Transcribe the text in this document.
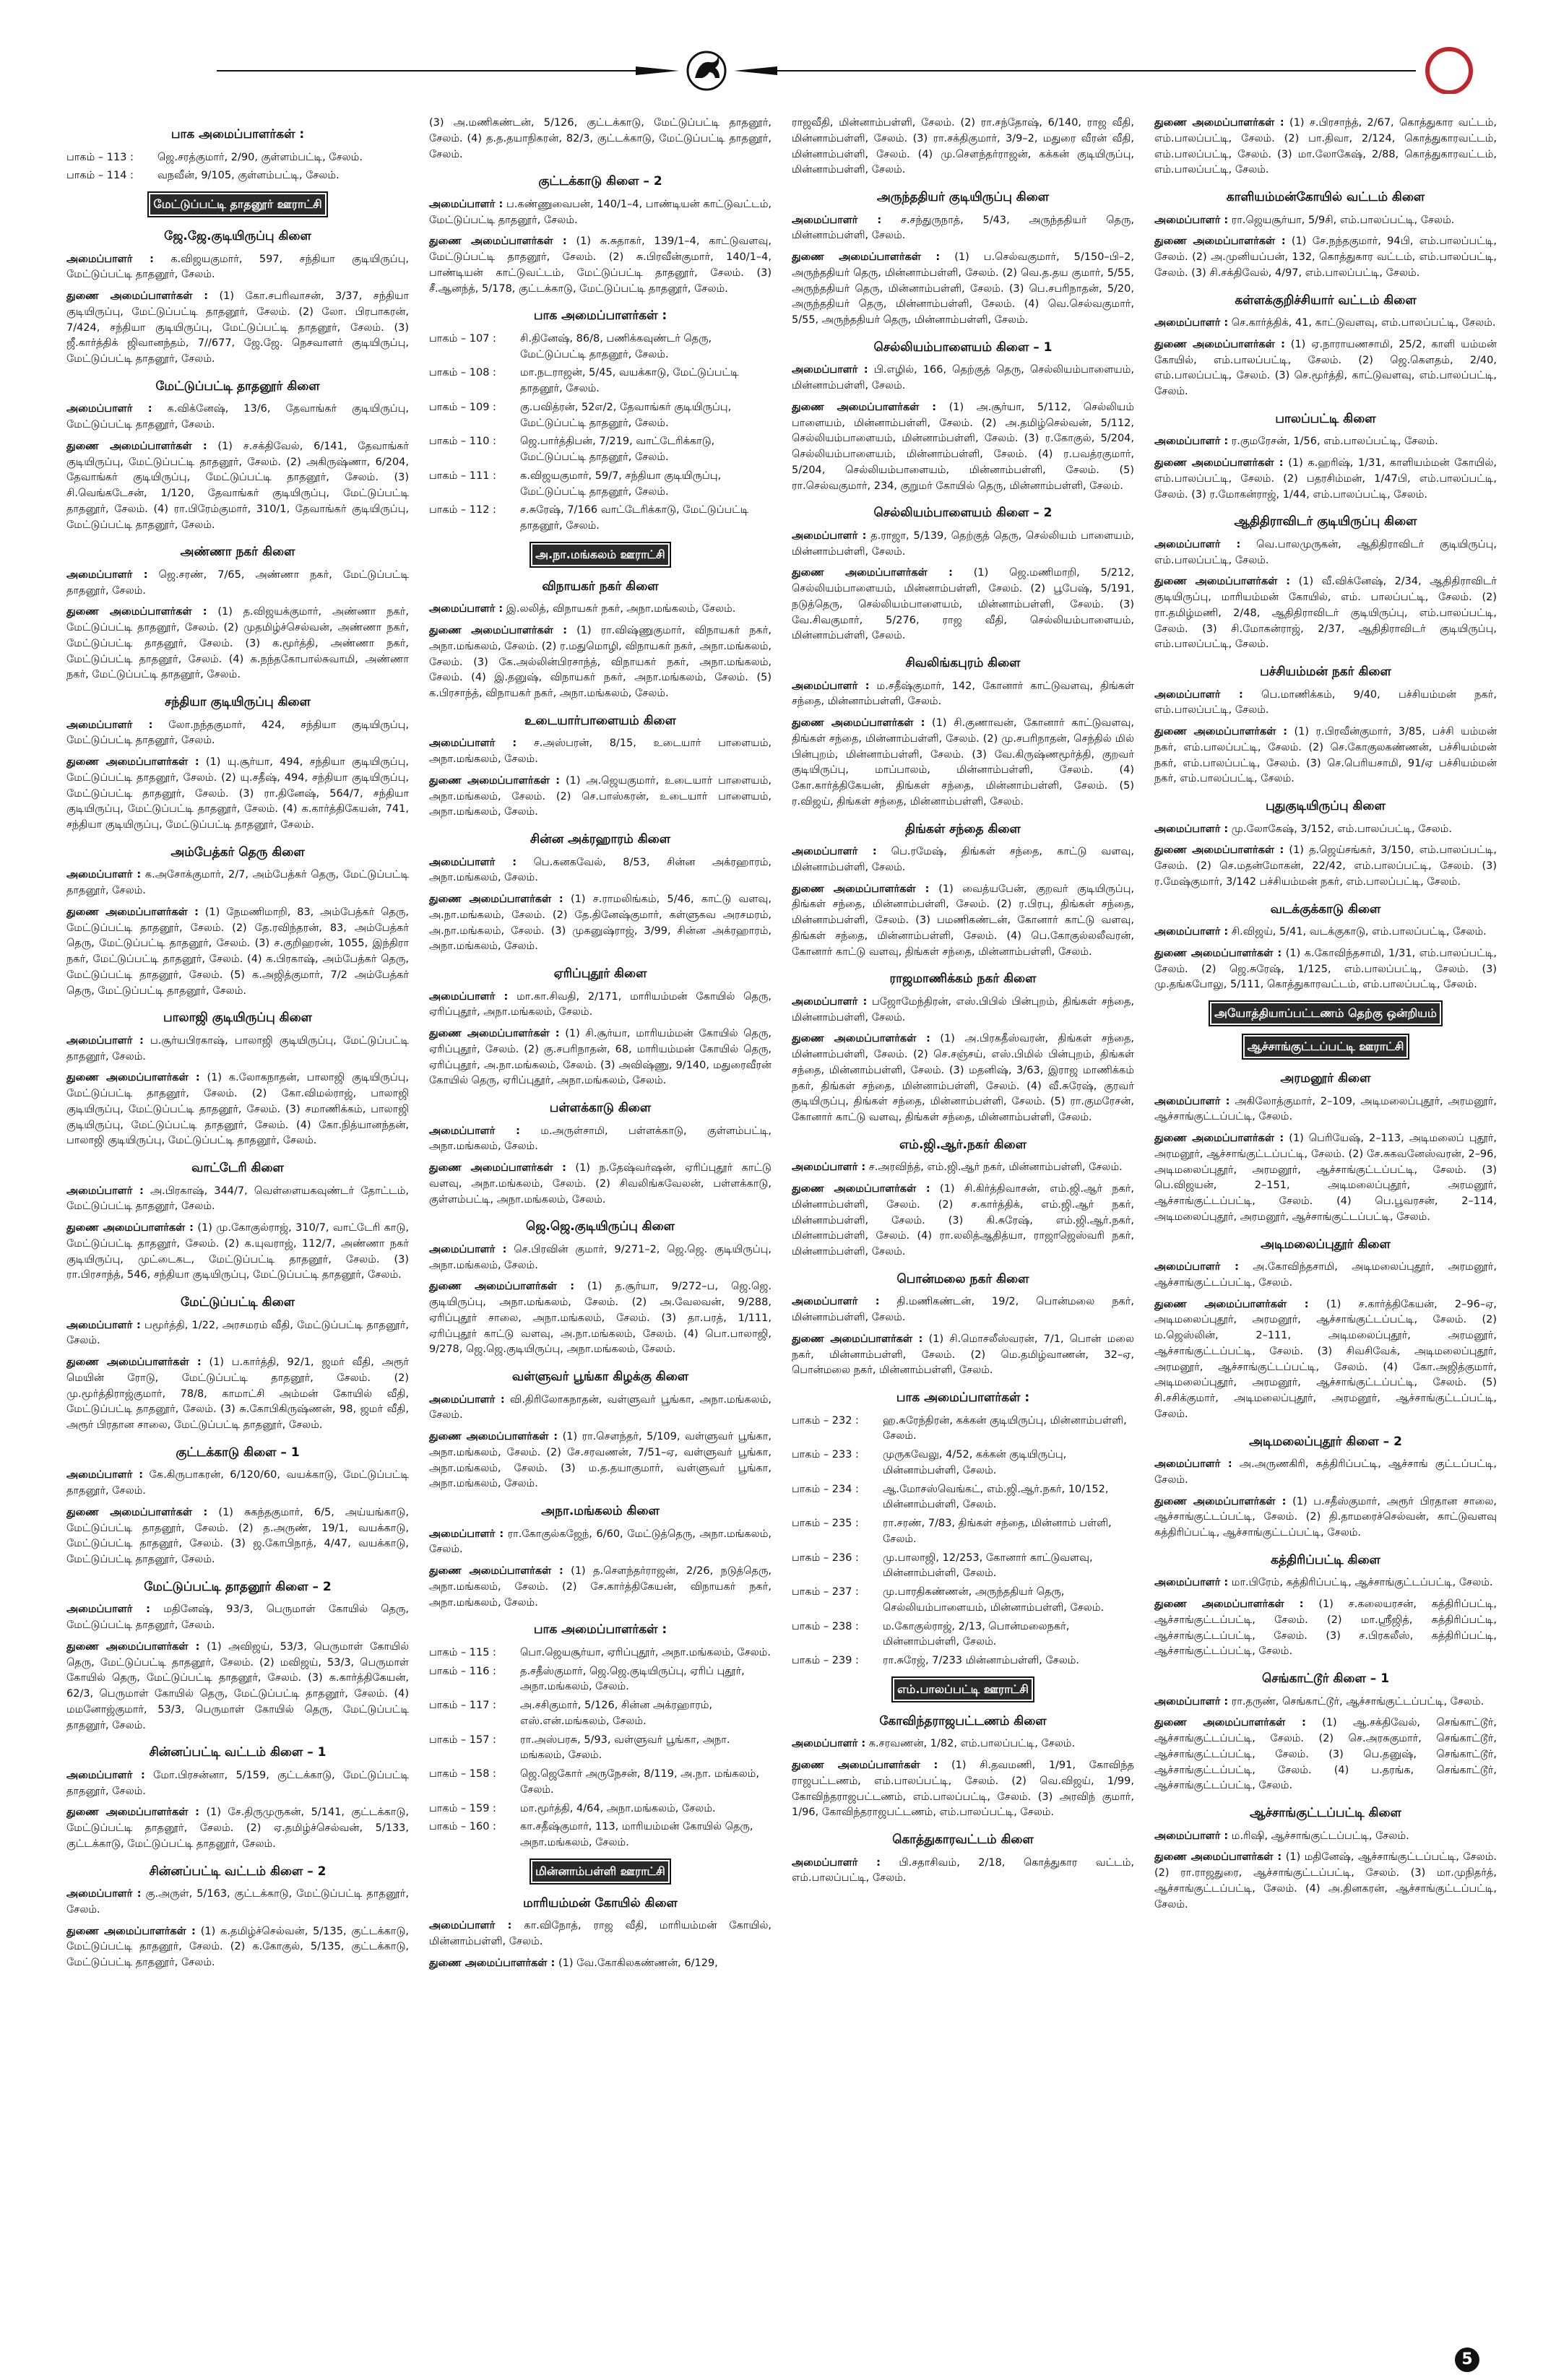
பாக அமைப்பாளர்கள் :
பாகம் – 113 :	ஜெ.சரத்குமார், 2/90, குள்ளம்பட்டி, சேலம்.
பாகம் – 114 :	வநவீன், 9/105, குள்ளம்பட்டி, சேலம்.
மேட்டுப்பட்டி தாதனூர் ஊராட்சி
ஜே.ஜே.குடியிருப்பு கிளை

அமைப்பாளர் : க.விஜயகுமார், 597, சந்தியா குடியிருப்பு, மேட்டுப்பட்டி தாதனூர், சேலம்.

துணை அமைப்பாளர்கள் : (1) கோ.சபரிவாசன், 3/37, சந்தியா குடியிருப்பு, மேட்டுப்பட்டி தாதனூர், சேலம். (2) லோ. பிரபாகரன், 7/424, சந்தியா குடியிருப்பு, மேட்டுப்பட்டி தாதனூர், சேலம். (3) ஜீ.கார்த்திக் ஜிவானந்தம், 7//677, ஜே.ஜே. நெசவாளர் குடியிருப்பு, மேட்டுப்பட்டி தாதனூர், சேலம்.

மேட்டுப்பட்டி தாதனூர் கிளை

அமைப்பாளர் : க.விக்னேஷ், 13/6, தேவாங்கர் குடியிருப்பு, மேட்டுப்பட்டி தாதனூர், சேலம்.

துணை அமைப்பாளர்கள் : (1) ச.சக்திவேல், 6/141, தேவாங்கர் குடியிருப்பு, மேட்டுப்பட்டி தாதனூர், சேலம். (2) அகிருஷ்ணா, 6/204, தேவாங்கர் குடியிருப்பு, மேட்டுப்பட்டி தாதனூர், சேலம். (3) சி.வெங்கடேசன், 1/120, தேவாங்கர் குடியிருப்பு, மேட்டுப்பட்டி தாதனூர், சேலம். (4) ரா.பிரேம்குமார், 310/1, தேவாங்கர் குடியிருப்பு, மேட்டுப்பட்டி தாதனூர், சேலம்.

அண்ணா நகர் கிளை

அமைப்பாளர் : ஜெ.சரண், 7/65, அண்ணா நகர், மேட்டுப்பட்டி தாதனூர், சேலம்.

துணை அமைப்பாளர்கள் : (1) த.விஜயக்குமார், அண்ணா நகர், மேட்டுப்பட்டி தாதனூர், சேலம். (2) முதமிழ்ச்செல்வன், அண்ணா நகர், மேட்டுப்பட்டி தாதனூர், சேலம். (3) க.மூர்த்தி, அண்ணா நகர், மேட்டுப்பட்டி தாதனூர், சேலம். (4) க.நந்தகோபால்சுவாமி, அண்ணா நகர், மேட்டுப்பட்டி தாதனூர், சேலம்.

சந்தியா குடியிருப்பு கிளை

அமைப்பாளர் : லோ.நந்தகுமார், 424, சந்தியா குடியிருப்பு, மேட்டுப்பட்டி தாதனூர், சேலம்.

துணை அமைப்பாளர்கள் : (1) யு.சூர்யா, 494, சந்தியா குடியிருப்பு, மேட்டுப்பட்டி தாதனூர், சேலம். (2) யு.சதீஷ், 494, சந்தியா குடியிருப்பு, மேட்டுப்பட்டி தாதனூர், சேலம். (3) ரா.தினேஷ், 564/7, சந்தியா குடியிருப்பு, மேட்டுப்பட்டி தாதனூர், சேலம். (4) க.கார்த்திகேயன், 741, சந்தியா குடியிருப்பு, மேட்டுப்பட்டி தாதனூர், சேலம்.

அம்பேத்கர் தெரு கிளை

அமைப்பாளர் : க.அசோக்குமார், 2/7, அம்பேத்கர் தெரு, மேட்டுப்பட்டி தாதனூர், சேலம்.

துணை அமைப்பாளர்கள் : (1) நேமணிமாறி, 83, அம்பேத்கர் தெரு, மேட்டுப்பட்டி தாதனூர், சேலம். (2) தே.ரவிந்தரன், 83, அம்பேத்கர் தெரு, மேட்டுப்பட்டி தாதனூர், சேலம். (3) ச.குறிஹரன், 1055, இந்திரா நகர், மேட்டுப்பட்டி தாதனூர், சேலம். (4) க.பிரகாஷ், அம்பேத்கர் தெரு, மேட்டுப்பட்டி தாதனூர், சேலம். (5) க.அஜித்குமார், 7/2 அம்பேத்கர் தெரு, மேட்டுப்பட்டி தாதனூர், சேலம்.

பாலாஜி குடியிருப்பு கிளை

அமைப்பாளர் : ப.சூர்யபிரகாஷ், பாலாஜி குடியிருப்பு, மேட்டுப்பட்டி தாதனூர், சேலம்.

துணை அமைப்பாளர்கள் : (1) க.லோகநாதன், பாலாஜி குடியிருப்பு, மேட்டுப்பட்டி தாதனூர், சேலம். (2) கோ.விமல்ராஜ், பாலாஜி குடியிருப்பு, மேட்டுப்பட்டி தாதனூர், சேலம். (3) சமாணிக்கம், பாலாஜி குடியிருப்பு, மேட்டுப்பட்டி தாதனூர், சேலம். (4) கோ.நித்யானந்தன், பாலாஜி குடியிருப்பு, மேட்டுப்பட்டி தாதனூர், சேலம்.

வாட்டேரி கிளை

அமைப்பாளர் : அ.பிரகாஷ், 344/7, வெள்ளையகவுண்டர் தோட்டம், மேட்டுப்பட்டி தாதனூர், சேலம்.

துணை அமைப்பாளர்கள் : (1) மு.கோகுல்ராஜ், 310/7, வாட்டேரி காடு, மேட்டுப்பட்டி தாதனூர், சேலம். (2) க.யுவராஜ், 112/7, அண்ணா நகர் குடியிருப்பு, முட்டைகட, மேட்டுப்பட்டி தாதனூர், சேலம். (3) ரா.பிரசாந்த், 546, சந்தியா குடியிருப்பு, மேட்டுப்பட்டி தாதனூர், சேலம்.

மேட்டுப்பட்டி கிளை

அமைப்பாளர் : பமூர்த்தி, 1/22, அரசமரம் வீதி, மேட்டுப்பட்டி தாதனூர், சேலம்.

துணை அமைப்பாளர்கள் : (1) ப.கார்த்தி, 92/1, ஜமர் வீதி, அரூர் மெயின் ரோடு, மேட்டுப்பட்டி தாதனூர், சேலம். (2) மு.மூர்த்திராஜ்குமார், 78/8, காமாட்சி அம்மன் கோயில் வீதி, மேட்டுப்பட்டி தாதனூர், சேலம். (3) சு.கோபிகிருஷ்ணன், 98, ஜமர் வீதி, அரூர் பிரதான சாலை, மேட்டுப்பட்டி தாதனூர், சேலம்.

குட்டக்காடு கிளை – 1

அமைப்பாளர் : கே.கிருபாகரன், 6/120/60, வயக்காடு, மேட்டுப்பட்டி தாதனூர், சேலம்.

துணை அமைப்பாளர்கள் : (1) சுகந்தகுமார், 6/5, அய்யங்காடு, மேட்டுப்பட்டி தாதனூர், சேலம். (2) த.அருண், 19/1, வயக்காடு, மேட்டுப்பட்டி தாதனூர், சேலம். (3) ஜ.கோபிநாத், 4/47, வயக்காடு, மேட்டுப்பட்டி தாதனூர், சேலம்.

மேட்டுப்பட்டி தாதனூர் கிளை – 2

அமைப்பாளர் : மதினேஷ், 93/3, பெருமாள் கோயில் தெரு, மேட்டுப்பட்டி தாதனூர், சேலம்.

துணை அமைப்பாளர்கள் : (1) அவிஜய், 53/3, பெருமாள் கோயில் தெரு, மேட்டுப்பட்டி தாதனூர், சேலம். (2) மவிஜய், 53/3, பெருமாள் கோயில் தெரு, மேட்டுப்பட்டி தாதனூர், சேலம். (3) க.கார்த்திகேயன், 62/3, பெருமாள் கோயில் தெரு, மேட்டுப்பட்டி தாதனூர், சேலம். (4) மமனோஜ்குமார், 53/3, பெருமாள் கோயில் தெரு, மேட்டுப்பட்டி தாதனூர், சேலம்.

சின்னப்பட்டி வட்டம் கிளை – 1

அமைப்பாளர் : மோ.பிரசன்னா, 5/159, குட்டக்காடு, மேட்டுப்பட்டி தாதனூர், சேலம்.

துணை அமைப்பாளர்கள் : (1) சே.திருமுருகன், 5/141, குட்டக்காடு, மேட்டுப்பட்டி தாதனூர், சேலம். (2) ஏ.தமிழ்ச்செல்வன், 5/133, குட்டக்காடு, மேட்டுப்பட்டி தாதனூர், சேலம்.

சின்னப்பட்டி வட்டம் கிளை – 2

அமைப்பாளர் : கு.அருள், 5/163, குட்டக்காடு, மேட்டுப்பட்டி தாதனூர், சேலம்.

துணை அமைப்பாளர்கள் : (1) க.தமிழ்ச்செல்வன், 5/135, குட்டக்காடு, மேட்டுப்பட்டி தாதனூர், சேலம். (2) க.கோகுல், 5/135, குட்டக்காடு, மேட்டுப்பட்டி தாதனூர், சேலம்.

(3) அ.மணிகண்டன், 5/126, குட்டக்காடு, மேட்டுப்பட்டி தாதனூர், சேலம். (4) த.த.தயாநிகரன், 82/3, குட்டக்காடு, மேட்டுப்பட்டி தாதனூர், சேலம்.

குட்டக்காடு கிளை – 2

அமைப்பாளர் : ப.கண்ணுவைபன், 140/1–4, பாண்டியன் காட்டுவட்டம், மேட்டுப்பட்டி தாதனூர், சேலம்.

துணை அமைப்பாளர்கள் : (1) சு.சுதாகர், 139/1–4, காட்டுவளவு, மேட்டுப்பட்டி தாதனூர், சேலம். (2) சு.பிரவீன்குமார், 140/1–4, பாண்டியன் காட்டுவட்டம், மேட்டுப்பட்டி தாதனூர், சேலம். (3) சீ.ஆனந்த், 5/178, குட்டக்காடு, மேட்டுப்பட்டி தாதனூர், சேலம்.

பாக அமைப்பாளர்கள் :
பாகம் – 107 :	சி.தினேஷ், 86/8, பணிக்கவுண்டர் தெரு, மேட்டுப்பட்டி தாதனூர், சேலம்.
பாகம் – 108 :	மா.நடராஜன், 5/45, வயக்காடு, மேட்டுப்பட்டி தாதனூர், சேலம்.
பாகம் – 109 :	கு.பவித்ரன், 52எ/2, தேவாங்கர் குடியிருப்பு, மேட்டுப்பட்டி தாதனூர், சேலம்.
பாகம் – 110 :	ஜெ.பார்த்திபன், 7/219, வாட்டேரிக்காடு, மேட்டுப்பட்டி தாதனூர், சேலம்.
பாகம் – 111 :	க.விஜயகுமார், 59/7, சந்தியா குடியிருப்பு, மேட்டுப்பட்டி தாதனூர், சேலம்.
பாகம் – 112 :	ச.சுரேஷ், 7/166 வாட்டேரிக்காடு, மேட்டுப்பட்டி தாதனூர், சேலம்.
அ.நா.மங்கலம் ஊராட்சி
விநாயகர் நகர் கிளை

அமைப்பாளர் : இ.லலித், விநாயகர் நகர், அநா.மங்கலம், சேலம்.

துணை அமைப்பாளர்கள் : (1) ரா.விஷ்ணுகுமார், விநாயகர் நகர், அநா.மங்கலம், சேலம். (2) ர.மதுமொழி, விநாயகர் நகர், அநா.மங்கலம், சேலம். (3) கே.அல்லின்பிரசாந்த், விநாயகர் நகர், அநா.மங்கலம், சேலம். (4) இ.தனுஷ், விநாயகர் நகர், அநா.மங்கலம், சேலம். (5) க.பிரசாந்த், விநாயகர் நகர், அநா.மங்கலம், சேலம்.

உடையார்பாளையம் கிளை

அமைப்பாளர் : ச.அஸ்பரன், 8/15, உடையார் பாளையம், அநா.மங்கலம், சேலம்.

துணை அமைப்பாளர்கள் : (1) அ.ஜெயகுமார், உடையார் பாளையம், அநா.மங்கலம், சேலம். (2) செ.பாஸ்கரன், உடையார் பாளையம், அநா.மங்கலம், சேலம்.

சின்ன அக்ரஹாரம் கிளை

அமைப்பாளர் : பெ.கனகவேல், 8/53, சின்ன அக்ரஹாரம், அநா.மங்கலம், சேலம்.

துணை அமைப்பாளர்கள் : (1) ச.ராமலிங்கம், 5/46, காட்டு வளவு, அ.நா.மங்கலம், சேலம். (2) தே.தினேஷ்குமார், கள்ளுகவ அரசமரம், அ.நா.மங்கலம், சேலம். (3) முகனுஷ்ராஜ், 3/99, சின்ன அக்ரஹாரம், அநா.மங்கலம், சேலம்.

ஏரிப்புதூர் கிளை

அமைப்பாளர் : மா.கா.சிவதி, 2/171, மாரியம்மன் கோயில் தெரு, ஏரிப்புதூர், அநா.மங்கலம், சேலம்.

துணை அமைப்பாளர்கள் : (1) சி.சூர்யா, மாரியம்மன் கோயில் தெரு, ஏரிப்புதூர், சேலம். (2) கு.சபரிநாதன், 68, மாரியம்மன் கோயில் தெரு, ஏரிப்புதூர், அ.நா.மங்கலம், சேலம். (3) அவிஷ்ணு, 9/140, மதுரைவீரன் கோயில் தெரு, ஏரிப்புதூர், அநா.மங்கலம், சேலம்.

பள்ளக்காடு கிளை

அமைப்பாளர் : ம.அருள்சாமி, பள்ளக்காடு, குள்ளம்பட்டி, அநா.மங்கலம், சேலம்.

துணை அமைப்பாளர்கள் : (1) ந.தேஷ்வர்ஷன், ஏரிப்புதூர் காட்டு வளவு, அநா.மங்கலம், சேலம். (2) சிவலிங்கவேலன், பள்ளக்காடு, குள்ளம்பட்டி, அநா.மங்கலம், சேலம்.

ஜெ.ஜெ.குடியிருப்பு கிளை

அமைப்பாளர் : செ.பிரவின் குமார், 9/271–2, ஜெ.ஜெ. குடியிருப்பு, அநா.மங்கலம், சேலம்.

துணை அமைப்பாளர்கள் : (1) த.சூர்யா, 9/272–ப, ஜெ.ஜெ. குடியிருப்பு, அநா.மங்கலம், சேலம். (2) அ.வேலவன், 9/288, ஏரிப்புதூர் சாலை, அநா.மங்கலம், சேலம். (3) தா.பரத், 1/111, ஏரிப்புதூர் காட்டு வளவு, அ.நா.மங்கலம், சேலம். (4) பொ.பாலாஜி, 9/278, ஜெ.ஜெ.குடியிருப்பு, அநா.மங்கலம், சேலம்.

வள்ளுவர் பூங்கா கிழக்கு கிளை

அமைப்பாளர் : வி.திரிலோகநாதன், வள்ளுவர் பூங்கா, அநா.மங்கலம், சேலம்.

துணை அமைப்பாளர்கள் : (1) ரா.செளந்தர், 5/109, வள்ளுவர் பூங்கா, அநா.மங்கலம், சேலம். (2) சே.சரவணன், 7/51–ஏ, வள்ளுவர் பூங்கா, அநா.மங்கலம், சேலம். (3) ம.த.தயாகுமார், வள்ளுவர் பூங்கா, அநா.மங்கலம், சேலம்.

அநா.மங்கலம் கிளை

அமைப்பாளர் : ரா.கோகுல்கஜேந், 6/60, மேட்டுத்தெரு, அநா.மங்கலம், சேலம்.

துணை அமைப்பாளர்கள் : (1) த.சௌந்தர்ராஜன், 2/26, நடுத்தெரு, அநா.மங்கலம், சேலம். (2) சே.கார்த்திகேயன், விநாயகர் நகர், அநா.மங்கலம், சேலம்.

பாக அமைப்பாளர்கள் :
பாகம் – 115 :	பொ.ஜெயசூர்யா, ஏரிப்புதூர், அநா.மங்கலம், சேலம்.
பாகம் – 116 :	த.சதீஸ்குமார், ஜெ.ஜெ.குடியிருப்பு, ஏரிப் புதூர், அநா.மங்கலம், சேலம்.
பாகம் – 117 :	அ.சசிகுமார், 5/126, சின்ன அக்ரஹாரம், எஸ்.என்.மங்கலம், சேலம்.
பாகம் – 157 :	ரா.அஸ்பரசு, 5/93, வள்ளுவர் பூங்கா, அநா. மங்கலம், சேலம்.
பாகம் – 158 :	ஜெ.ஜெகோர் அருநேசன், 8/119, அ.நா. மங்கலம், சேலம்.
பாகம் – 159 :	மா.மூர்த்தி, 4/64, அநா.மங்கலம், சேலம்.
பாகம் – 160 :	கா.சதீஷ்குமார், 113, மாரியம்மன் கோயில் தெரு, அநா.மங்கலம், சேலம்.
மின்னாம்பள்ளி ஊராட்சி
மாரியம்மன் கோயில் கிளை

அமைப்பாளர் : கா.விநோத், ராஜ வீதி, மாரியம்மன் கோயில், மின்னாம்பள்ளி, சேலம்.

துணை அமைப்பாளர்கள் : (1) வே.கோகிலகண்ணன், 6/129,

ராஜவீதி, மின்னாம்பள்ளி, சேலம். (2) ரா.சந்தோஷ், 6/140, ராஜ வீதி, மின்னாம்பள்ளி, சேலம். (3) ரா.சக்திகுமார், 3/9–2, மதுரை வீரன் வீதி, மின்னாம்பள்ளி, சேலம். (4) மு.சௌந்தர்ராஜன், கக்கன் குடியிருப்பு, மின்னாம்பள்ளி, சேலம்.

அருந்ததியர் குடியிருப்பு கிளை

அமைப்பாளர் : ச.சந்துருநாத், 5/43, அருந்ததியர் தெரு, மின்னாம்பள்ளி, சேலம்.

துணை அமைப்பாளர்கள் : (1) ப.செல்வகுமார், 5/150–பி–2, அருந்ததியர் தெரு, மின்னாம்பள்ளி, சேலம். (2) வெ.த.தய குமார், 5/55, அருந்ததியர் தெரு, மின்னாம்பள்ளி, சேலம். (3) பெ.சபரிநாதன், 5/20, அருந்ததியர் தெரு, மின்னாம்பள்ளி, சேலம். (4) வெ.செல்வகுமார், 5/55, அருந்ததியர் தெரு, மின்னாம்பள்ளி, சேலம்.

செல்லியம்பாளையம் கிளை – 1

அமைப்பாளர் : பி.எழில், 166, தெற்குத் தெரு, செல்லியம்பாளையம், மின்னாம்பள்ளி, சேலம்.

துணை அமைப்பாளர்கள் : (1) அ.சூர்யா, 5/112, செல்லியம் பாளையம், மின்னாம்பள்ளி, சேலம். (2) அ.தமிழ்செல்வன், 5/112, செல்லியம்பாளையம், மின்னாம்பள்ளி, சேலம். (3) ர.கோகுல், 5/204, செல்லியம்பாளையம், மின்னாம்பள்ளி, சேலம். (4) ர.பவத்ரகுமார், 5/204, செல்லியம்பாளையம், மின்னாம்பள்ளி, சேலம். (5) ரா.செல்வகுமார், 234, குறுமர் கோயில் தெரு, மின்னாம்பள்ளி, சேலம்.

செல்லியம்பாளையம் கிளை – 2

அமைப்பாளர் : த.ராஜா, 5/139, தெற்குத் தெரு, செல்லியம் பாளையம், மின்னாம்பள்ளி, சேலம்.

துணை அமைப்பாளர்கள் : (1) ஜெ.மணிமாறி, 5/212, செல்லியம்பாளையம், மின்னாம்பள்ளி, சேலம். (2) பூபேஷ், 5/191, நடுத்தெரு, செல்லியம்பாளையம், மின்னாம்பள்ளி, சேலம். (3) வே.சிவகுமார், 5/276, ராஜ வீதி, செல்லியம்பாளையம், மின்னாம்பள்ளி, சேலம்.

சிவலிங்கபுரம் கிளை

அமைப்பாளர் : ம.சதீஷ்குமார், 142, கோனார் காட்டுவளவு, திங்கள் சந்தை, மின்னாம்பள்ளி, சேலம்.

துணை அமைப்பாளர்கள் : (1) சி.குணாவன், கோனார் காட்டுவளவு, திங்கள் சந்தை, மின்னாம்பள்ளி, சேலம். (2) மு.சபரிநாதன், செந்தில் மில் பின்புறம், மின்னாம்பள்ளி, சேலம். (3) வே.கிருஷ்ணமூர்த்தி, குறவர் குடியிருப்பு, மாப்பாலம், மின்னாம்பள்ளி, சேலம். (4) கோ.கார்த்திகேயன், திங்கள் சந்தை, மின்னாம்பள்ளி, சேலம். (5) ர.விஜய், திங்கள் சந்தை, மின்னாம்பள்ளி, சேலம்.

திங்கள் சந்தை கிளை

அமைப்பாளர் : பெ.ரமேஷ், திங்கள் சந்தை, காட்டு வளவு, மின்னாம்பள்ளி, சேலம்.

துணை அமைப்பாளர்கள் : (1) வைத்யபேன், குறவர் குடியிருப்பு, திங்கள் சந்தை, மின்னாம்பள்ளி, சேலம். (2) ர.பிரபு, திங்கள் சந்தை, மின்னாம்பள்ளி, சேலம். (3) பமணிகண்டன், கோனார் காட்டு வளவு, திங்கள் சந்தை, மின்னாம்பள்ளி, சேலம். (4) பெ.கோகுல்லலீவரன், கோனார் காட்டு வளவு, திங்கள் சந்தை, மின்னாம்பள்ளி, சேலம்.

ராஜமாணிக்கம் நகர் கிளை

அமைப்பாளர் : பஜோமேந்திரன், எஸ்.பிபில் பின்புறம், திங்கள் சந்தை, மின்னாம்பள்ளி, சேலம்.

துணை அமைப்பாளர்கள் : (1) அ.பிரகதீஸ்வரன், திங்கள் சந்தை, மின்னாம்பள்ளி, சேலம். (2) செ.சஞ்சய், எஸ்.பிமில் பின்புறம், திங்கள் சந்தை, மின்னாம்பள்ளி, சேலம். (3) மதனிஷ், 3/63, இராஜ மாணிக்கம் நகர், திங்கள் சந்தை, மின்னாம்பள்ளி, சேலம். (4) வீ.சுரேஷ், குரவர் குடியிருப்பு, திங்கள் சந்தை, மின்னாம்பள்ளி, சேலம். (5) ரா.குமரேசன், கோனார் காட்டு வளவு, திங்கள் சந்தை, மின்னாம்பள்ளி, சேலம்.

எம்.ஜி.ஆர்.நகர் கிளை

அமைப்பாளர் : ச.அரவிந்த், எம்.ஜி.ஆர் நகர், மின்னாம்பள்ளி, சேலம்.

துணை அமைப்பாளர்கள் : (1) சி.கிர்த்திவாசன், எம்.ஜி.ஆர் நகர், மின்னாம்பள்ளி, சேலம். (2) ச.கார்த்திக், எம்.ஜி.ஆர் நகர், மின்னாம்பள்ளி, சேலம். (3) கி.சுரேஷ், எம்.ஜி.ஆர்.நகர், மின்னாம்பள்ளி, சேலம். (4) ரா.லலித்ஆதித்யா, ராஜாஜெஸ்வரி நகர், மின்னாம்பள்ளி, சேலம்.

பொன்மலை நகர் கிளை

அமைப்பாளர் : தி.மணிகண்டன், 19/2, பொன்மலை நகர், மின்னாம்பள்ளி, சேலம்.

துணை அமைப்பாளர்கள் : (1) சி.மொசலீஸ்வரன், 7/1, பொன் மலை நகர், மின்னாம்பள்ளி, சேலம். (2) மெ.தமிழ்வாணன், 32–ஏ, பொன்மலை நகர், மின்னாம்பள்ளி, சேலம்.

பாக அமைப்பாளர்கள் :
பாகம் – 232 :	ஹ.சுரேந்திரன், கக்கன் குடியிருப்பு, மின்னாம்பள்ளி, சேலம்.
பாகம் – 233 :	முருகவேலு, 4/52, கக்கன் குடியிருப்பு, மின்னாம்பள்ளி, சேலம்.
பாகம் – 234 :	ஆ.மோசஸ்வெங்கட், எம்.ஜி.ஆர்.நகர், 10/152, மின்னாம்பள்ளி, சேலம்.
பாகம் – 235 :	ரா.சரண், 7/83, திங்கள் சந்தை, மின்னாம் பள்ளி, சேலம்.
பாகம் – 236 :	மு.பாலாஜி, 12/253, கோனார் காட்டுவளவு, மின்னாம்பள்ளி, சேலம்.
பாகம் – 237 :	மு.பாரதிகண்ணன், அருந்ததியர் தெரு, செல்லியம்பாளையம், மின்னாம்பள்ளி, சேலம்.
பாகம் – 238 :	ம.கோகுல்ராஜ், 2/13, பொன்மலைநகர், மின்னாம்பள்ளி, சேலம்.
பாகம் – 239 :	ரா.சுரேஜ், 7/233 மின்னாம்பள்ளி, சேலம்.
எம்.பாலப்பட்டி ஊராட்சி
கோவிந்தராஜபட்டணம் கிளை

அமைப்பாளர் : க.சரவணன், 1/82, எம்.பாலப்பட்டி, சேலம்.

துணை அமைப்பாளர்கள் : (1) சி.தவமணி, 1/91, கோவிந்த ராஜபட்டணம், எம்.பாலப்பட்டி, சேலம். (2) வெ.விஜய், 1/99, கோவிந்தராஜபட்டணம், எம்.பாலப்பட்டி, சேலம். (3) அரவிந் குமார், 1/96, கோவிந்தராஜபட்டணம், எம்.பாலப்பட்டி, சேலம்.

கொத்துகாரவட்டம் கிளை

அமைப்பாளர் : பி.சதாசிவம், 2/18, கொத்துகார வட்டம், எம்.பாலப்பட்டி, சேலம்.

துணை அமைப்பாளர்கள் : (1) ச.பிரசாந்த், 2/67, கொத்துகார வட்டம், எம்.பாலப்பட்டி, சேலம். (2) பா.திவா, 2/124, கொத்துகாரவட்டம், எம்.பாலப்பட்டி, சேலம். (3) மா.லோகேஷ், 2/88, கொத்துகாரவட்டம், எம்.பாலப்பட்டி, சேலம்.

காளியம்மன்கோயில் வட்டம் கிளை

அமைப்பாளர் : ரா.ஜெயசூர்யா, 5/9சி, எம்.பாலப்பட்டி, சேலம்.

துணை அமைப்பாளர்கள் : (1) சே.நந்தகுமார், 94பி, எம்.பாலப்பட்டி, சேலம். (2) அ.முனியப்பன், 132, கொத்துகார வட்டம், எம்.பாலப்பட்டி, சேலம். (3) சி.சக்திவேல், 4/97, எம்.பாலப்பட்டி, சேலம்.

கள்ளக்குறிச்சியார் வட்டம் கிளை

அமைப்பாளர் : செ.கார்த்திக், 41, காட்டுவளவு, எம்.பாலப்பட்டி, சேலம்.

துணை அமைப்பாளர்கள் : (1) ஏ.நாராயணசாமி, 25/2, காளி யம்மன் கோயில், எம்.பாலப்பட்டி, சேலம். (2) ஜெ.கௌதம், 2/40, எம்.பாலப்பட்டி, சேலம். (3) செ.மூர்த்தி, காட்டுவளவு, எம்.பாலப்பட்டி, சேலம்.

பாலப்பட்டி கிளை

அமைப்பாளர் : ர.குமரேசன், 1/56, எம்.பாலப்பட்டி, சேலம்.

துணை அமைப்பாளர்கள் : (1) க.ஹரிஷ், 1/31, காளியம்மன் கோயில், எம்.பாலப்பட்டி, சேலம். (2) பதரசிம்மன், 1/47பி, எம்.பாலப்பட்டி, சேலம். (3) ர.மோகன்ராஜ், 1/44, எம்.பாலப்பட்டி, சேலம்.

ஆதிதிராவிடர் குடியிருப்பு கிளை

அமைப்பாளர் : வெ.பாலமுருகன், ஆதிதிராவிடர் குடியிருப்பு, எம்.பாலப்பட்டி, சேலம்.

துணை அமைப்பாளர்கள் : (1) வீ.விக்னேஷ், 2/34, ஆதிதிராவிடர் குடியிருப்பு, மாரியம்மன் கோயில், எம். பாலப்பட்டி, சேலம். (2) ரா.தமிழ்மணி, 2/48, ஆதிதிராவிடர் குடியிருப்பு, எம்.பாலப்பட்டி, சேலம். (3) சி.மோகன்ராஜ், 2/37, ஆதிதிராவிடர் குடியிருப்பு, எம்.பாலப்பட்டி, சேலம்.

பச்சியம்மன் நகர் கிளை

அமைப்பாளர் : பெ.மாணிக்கம், 9/40, பச்சியம்மன் நகர், எம்.பாலப்பட்டி, சேலம்.

துணை அமைப்பாளர்கள் : (1) ர.பிரவீன்குமார், 3/85, பச்சி யம்மன் நகர், எம்.பாலப்பட்டி, சேலம். (2) செ.கோகுலகண்ணன், பச்சியம்மன் நகர், எம்.பாலப்பட்டி, சேலம். (3) செ.பெரியசாமி, 91/ஏ பச்சியம்மன் நகர், எம்.பாலப்பட்டி, சேலம்.

புதுகுடியிருப்பு கிளை

அமைப்பாளர் : மு.லோகேஷ், 3/152, எம்.பாலப்பட்டி, சேலம்.

துணை அமைப்பாளர்கள் : (1) த.ஜெய்சங்கர், 3/150, எம்.பாலப்பட்டி, சேலம். (2) செ.மதன்மோகன், 22/42, எம்.பாலப்பட்டி, சேலம். (3) ர.மேஷ்குமார், 3/142 பச்சியம்மன் நகர், எம்.பாலப்பட்டி, சேலம்.

வடக்குக்காடு கிளை

அமைப்பாளர் : சி.விஜய், 5/41, வடக்குகாடு, எம்.பாலப்பட்டி, சேலம்.

துணை அமைப்பாளர்கள் : (1) க.கோவிந்தசாமி, 1/31, எம்.பாலப்பட்டி, சேலம். (2) ஜெ.சுரேஷ், 1/125, எம்.பாலப்பட்டி, சேலம். (3) மு.தங்கபோலு, 5/111, கொத்துகாரவட்டம், எம்.பாலப்பட்டி, சேலம்.

அயோத்தியாப்பட்டணம் தெற்கு ஒன்றியம்
ஆச்சாங்குட்டப்பட்டி ஊராட்சி
அரமனூர் கிளை

அமைப்பாளர் : அகிலோத்குமார், 2–109, அடிமலைப்புதூர், அரமனூர், ஆச்சாங்குட்டப்பட்டி, சேலம்.

துணை அமைப்பாளர்கள் : (1) பெரியேஷ், 2–113, அடிமலைப் புதூர், அரமனூர், ஆச்சாங்குட்டப்பட்டி, சேலம். (2) சே.சுகவனேஸ்வரன், 2–96, அடிமலைப்புதூர், அரமனூர், ஆச்சாங்குட்டப்பட்டி, சேலம். (3) பெ.விஜயன், 2–151, அடிமலைப்புதூர், அரமனூர், ஆச்சாங்குட்டப்பட்டி, சேலம். (4) பெ.பூவரசன், 2–114, அடிமலைப்புதூர், அரமனூர், ஆச்சாங்குட்டப்பட்டி, சேலம்.

அடிமலைப்புதூர் கிளை

அமைப்பாளர் : அ.கோவிந்தசாமி, அடிமலைப்புதூர், அரமனூர், ஆச்சாங்குட்டப்பட்டி, சேலம்.

துணை அமைப்பாளர்கள் : (1) ச.கார்த்திகேயன், 2–96–ஏ, அடிமலைப்புதூர், அரமனூர், ஆச்சாங்குட்டப்பட்டி, சேலம். (2) ம.ஜெஸ்லின், 2–111, அடிமலைப்புதூர், அரமனூர், ஆச்சாங்குட்டப்பட்டி, சேலம். (3) சிவசிவேக், அடிமலைப்புதூர், அரமனூர், ஆச்சாங்குட்டப்பட்டி, சேலம். (4) கோ.அஜித்குமார், அடிமலைப்புதூர், அரமனூர், ஆச்சாங்குட்டப்பட்டி, சேலம். (5) சி.சசிக்குமார், அடிமலைப்புதூர், அரமனூர், ஆச்சாங்குட்டப்பட்டி, சேலம்.

அடிமலைப்புதூர் கிளை – 2

அமைப்பாளர் : அ.அருணகிரி, கத்திரிப்பட்டி, ஆச்சாங் குட்டப்பட்டி, சேலம்.

துணை அமைப்பாளர்கள் : (1) ப.சதீஸ்குமார், அரூர் பிரதான சாலை, ஆச்சாங்குட்டப்பட்டி, சேலம். (2) தி.தாமரைச்செல்வன், காட்டுவளவு கத்திரிப்பட்டி, ஆச்சாங்குட்டப்பட்டி, சேலம்.

கத்திரிப்பட்டி கிளை

அமைப்பாளர் : மா.பிரேம், கத்திரிப்பட்டி, ஆச்சாங்குட்டப்பட்டி, சேலம்.

துணை அமைப்பாளர்கள் : (1) ச.கலையரசன், கத்திரிப்பட்டி, ஆச்சாங்குட்டப்பட்டி, சேலம். (2) மா.ஸ்ரீஜித், கத்திரிப்பட்டி, ஆச்சாங்குட்டப்பட்டி, சேலம். (3) ச.பிரகலீஸ், கத்திரிப்பட்டி, ஆச்சாங்குட்டப்பட்டி, சேலம்.

செங்காட்டூர் கிளை – 1

அமைப்பாளர் : ரா.தருண், செங்காட்டூர், ஆச்சாங்குட்டப்பட்டி, சேலம்.

துணை அமைப்பாளர்கள் : (1) ஆ.சக்திவேல், செங்காட்டூர், ஆச்சாங்குட்டப்பட்டி, சேலம். (2) செ.அரசுகுமார், செங்காட்டூர், ஆச்சாங்குட்டப்பட்டி, சேலம். (3) பெ.தனுஷ், செங்காட்டூர், ஆச்சாங்குட்டப்பட்டி, சேலம். (4) ப.தரங்க, செங்காட்டூர், ஆச்சாங்குட்டப்பட்டி, சேலம்.

ஆச்சாங்குட்டப்பட்டி கிளை

அமைப்பாளர் : ம.ரிஷி, ஆச்சாங்குட்டப்பட்டி, சேலம்.

துணை அமைப்பாளர்கள் : (1) மதினேஷ், ஆச்சாங்குட்டப்பட்டி, சேலம். (2) ரா.ராஜதுரை, ஆச்சாங்குட்டப்பட்டி, சேலம். (3) மா.முநிதர்த், ஆச்சாங்குட்டப்பட்டி, சேலம். (4) அ.தினகரன், ஆச்சாங்குட்டப்பட்டி, சேலம்.

5
